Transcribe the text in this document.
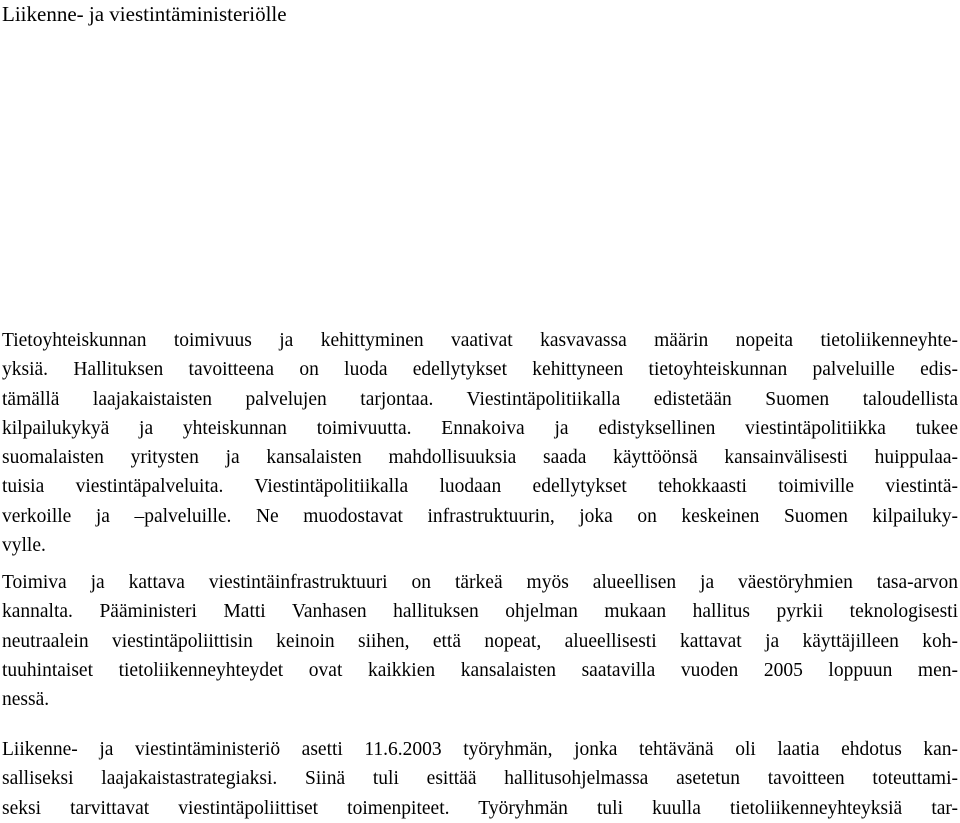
Liikenne- ja viestintäministeriölle

Tietoyhteiskunnan toimivuus ja kehittyminen vaativat kasvavassa määrin nopeita tietoliikenneyhte-
yksiä. Hallituksen tavoitteena on luoda edellytykset kehittyneen tietoyhteiskunnan palveluille edis-
tämällä laajakaistaisten palvelujen tarjontaa. Viestintäpolitiikalla edistetään Suomen taloudellista
kilpailukykyä ja yhteiskunnan toimivuutta. Ennakoiva ja edistyksellinen viestintäpolitiikka tukee
suomalaisten yritysten ja kansalaisten mahdollisuuksia saada käyttöönsä kansainvälisesti huippulaa-
tuisia viestintäpalveluita. Viestintäpolitiikalla luodaan edellytykset tehokkaasti toimiville viestintä-
verkoille ja –palveluille. Ne muodostavat infrastruktuurin, joka on keskeinen Suomen kilpailuky-
vylle.

Toimiva ja kattava viestintäinfrastruktuuri on tärkeä myös alueellisen ja väestöryhmien tasa-arvon
kannalta. Pääministeri Matti Vanhasen hallituksen ohjelman mukaan hallitus pyrkii teknologisesti
neutraalein viestintäpoliittisin keinoin siihen, että nopeat, alueellisesti kattavat ja käyttäjilleen koh-
tuuhintaiset tietoliikenneyhteydet ovat kaikkien kansalaisten saatavilla vuoden 2005 loppuun men-
nessä.

Liikenne- ja viestintäministeriö asetti 11.6.2003 työryhmän, jonka tehtävänä oli laatia ehdotus kan-
salliseksi laajakaistastrategiaksi. Siinä tuli esittää hallitusohjelmassa asetetun tavoitteen toteuttami-
seksi tarvittavat viestintäpoliittiset toimenpiteet. Työryhmän tuli kuulla tietoliikenneyhteyksiä tar-
